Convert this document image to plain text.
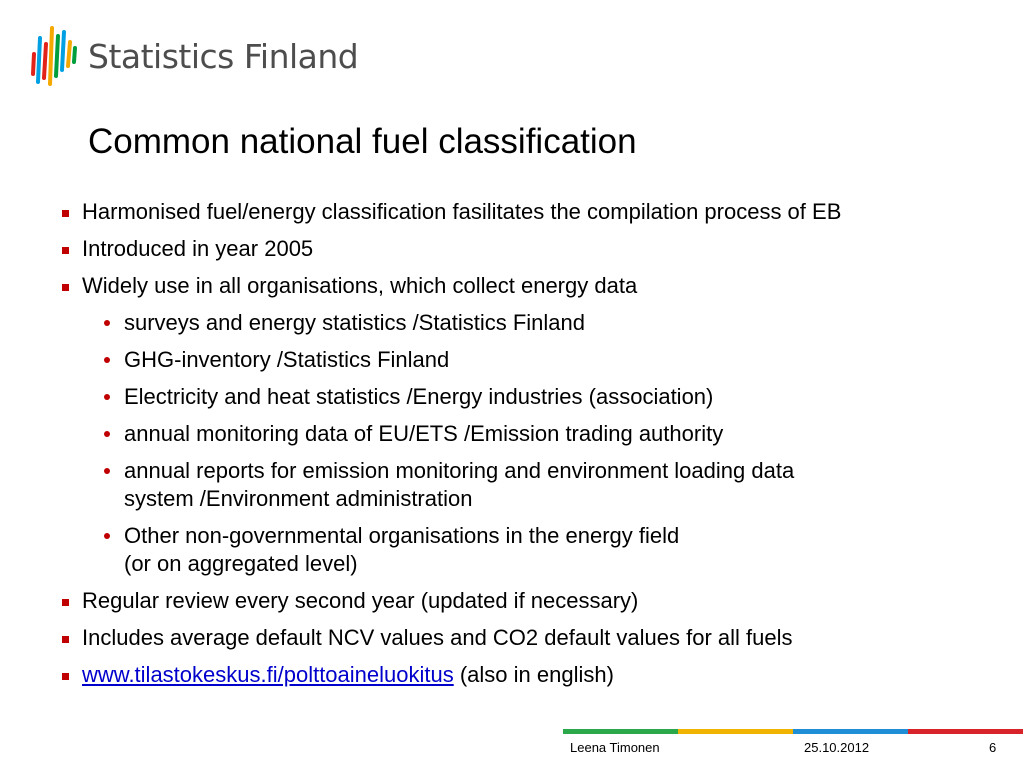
Statistics Finland
Common national fuel classification
Harmonised fuel/energy classification fasilitates the compilation process of EB
Introduced in year 2005
Widely use in all organisations, which collect energy data
surveys and energy statistics /Statistics Finland
GHG-inventory /Statistics Finland
Electricity and heat statistics /Energy industries (association)
annual monitoring data of EU/ETS /Emission trading authority
annual reports for emission monitoring and environment loading data
system /Environment administration
Other non-governmental organisations in the energy field
(or on aggregated level)
Regular review every second year (updated if necessary)
Includes average default NCV values and CO2 default values for all fuels
www.tilastokeskus.fi/polttoaineluokitus (also in english)
Leena Timonen	25.10.2012	6
